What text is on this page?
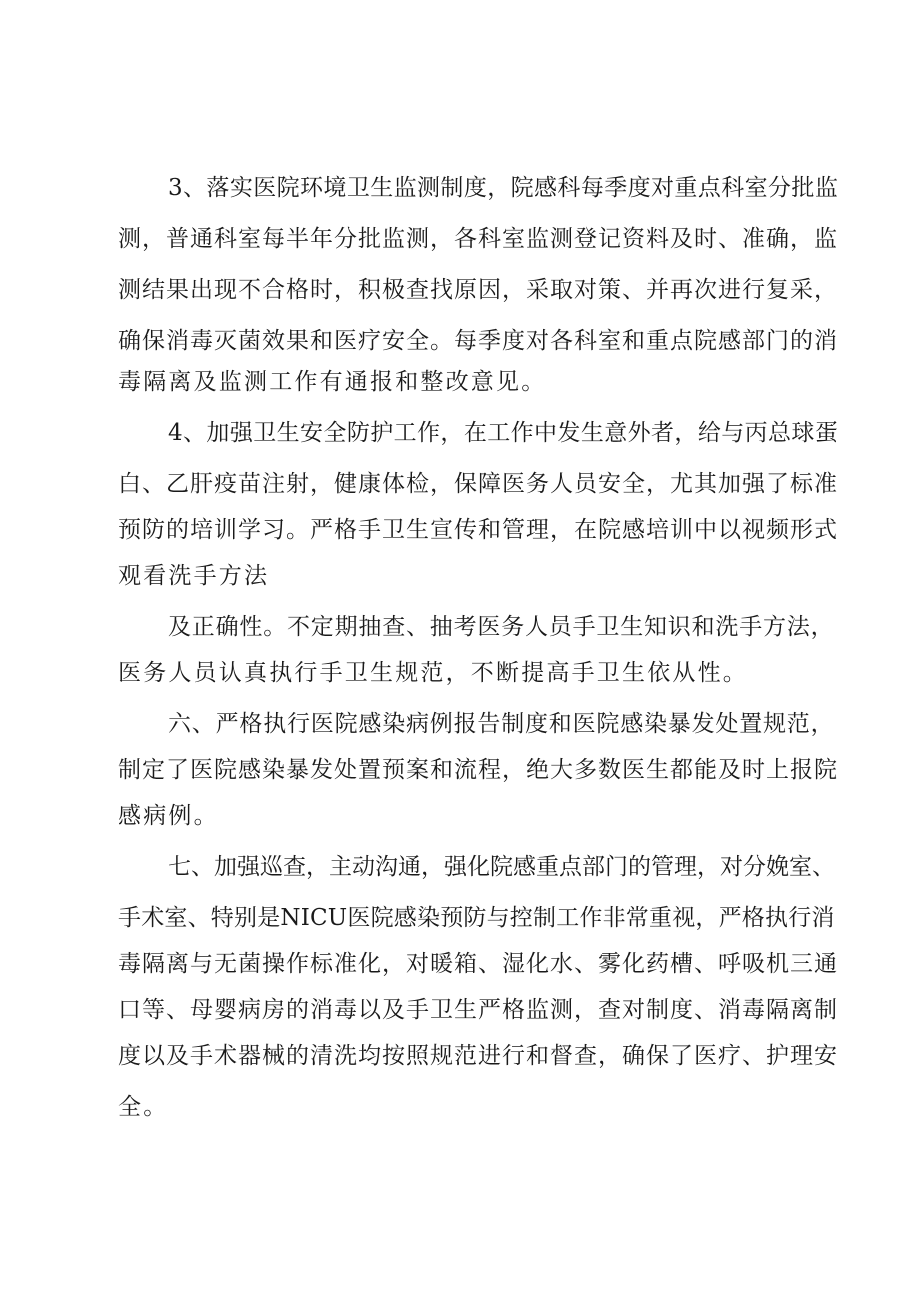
3、落实医院环境卫生监测制度，院感科每季度对重点科室分批监
测，普通科室每半年分批监测，各科室监测登记资料及时、准确，监
测结果出现不合格时，积极查找原因，采取对策、并再次进行复采，
确保消毒灭菌效果和医疗安全。每季度对各科室和重点院感部门的消
毒隔离及监测工作有通报和整改意见。
4、加强卫生安全防护工作，在工作中发生意外者，给与丙总球蛋
白、乙肝疫苗注射，健康体检，保障医务人员安全，尤其加强了标准
预防的培训学习。严格手卫生宣传和管理，在院感培训中以视频形式
观看洗手方法
及正确性。不定期抽查、抽考医务人员手卫生知识和洗手方法，
医务人员认真执行手卫生规范，不断提高手卫生依从性。
六、严格执行医院感染病例报告制度和医院感染暴发处置规范，
制定了医院感染暴发处置预案和流程，绝大多数医生都能及时上报院
感病例。
七、加强巡查，主动沟通，强化院感重点部门的管理，对分娩室、
手术室、特别是NICU医院感染预防与控制工作非常重视，严格执行消
毒隔离与无菌操作标准化，对暖箱、湿化水、雾化药槽、呼吸机三通
口等、母婴病房的消毒以及手卫生严格监测，查对制度、消毒隔离制
度以及手术器械的清洗均按照规范进行和督查，确保了医疗、护理安
全。
